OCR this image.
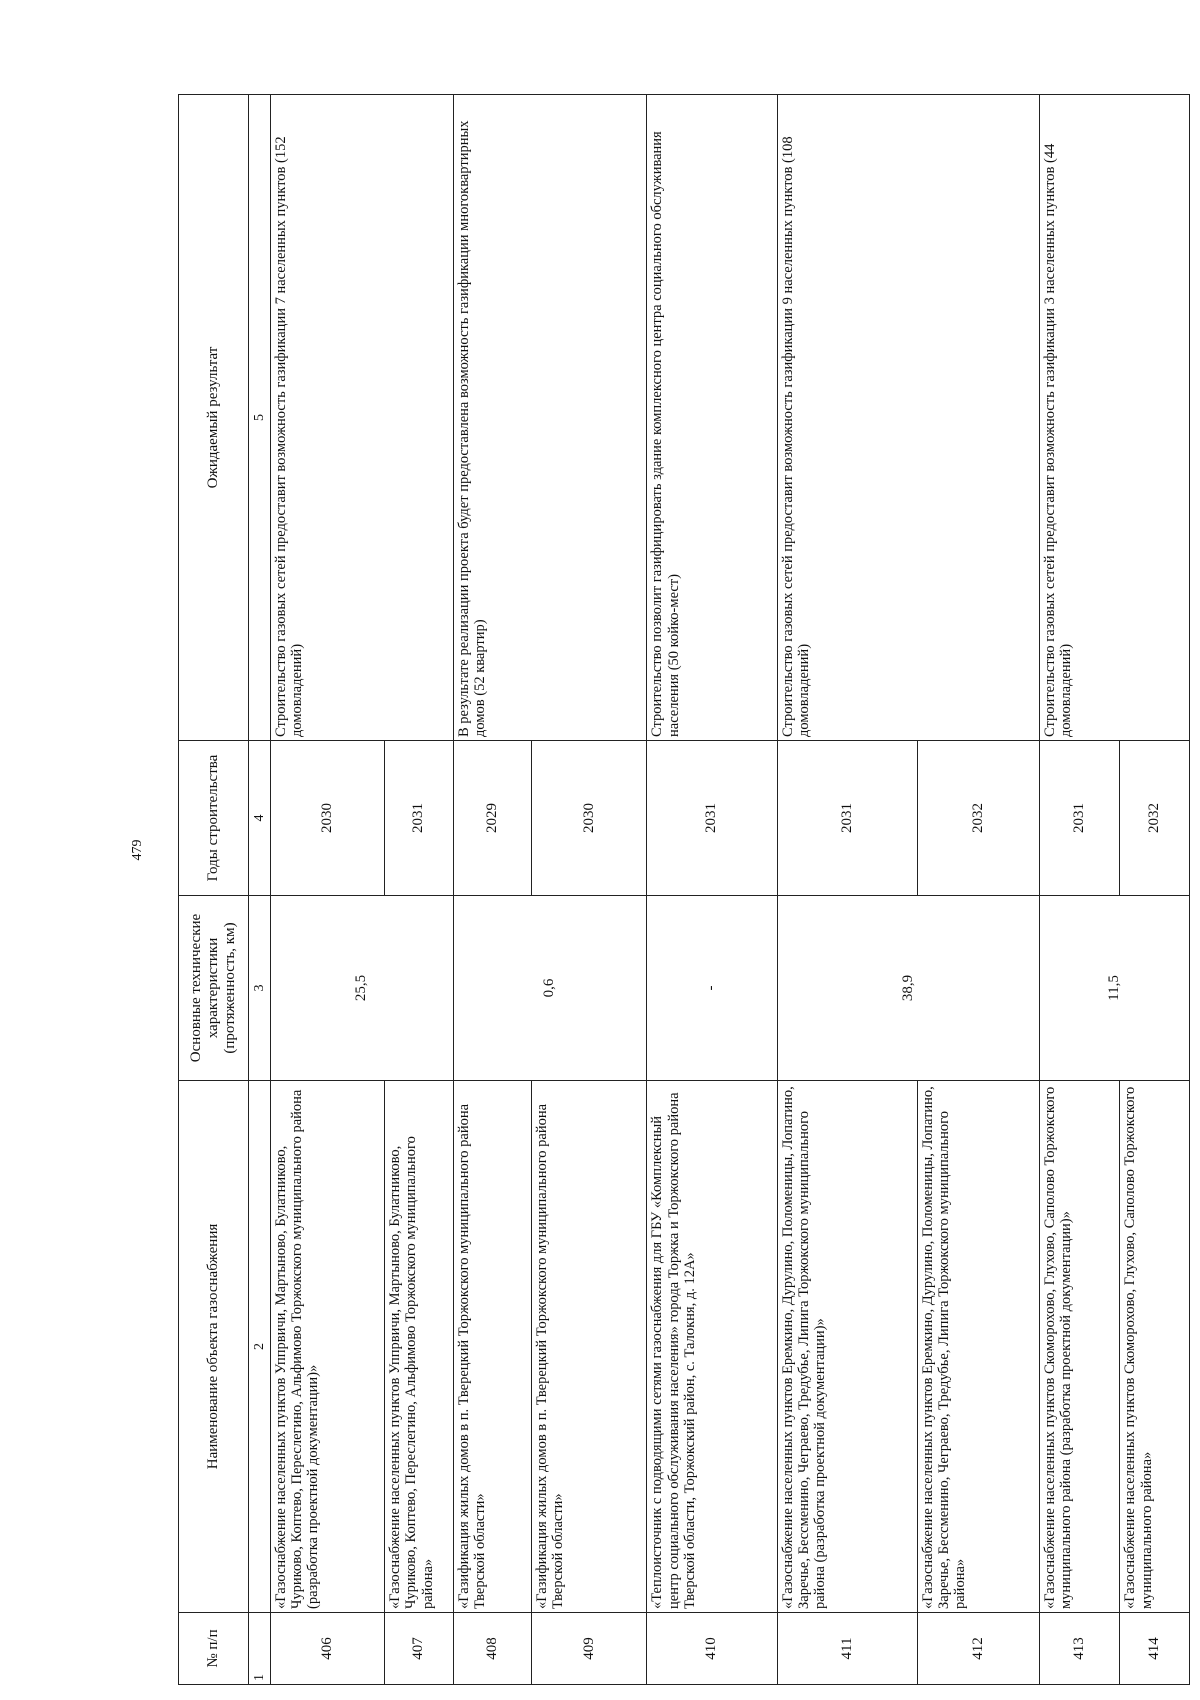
479
№ п/п	Наименование объекта газоснабжения	Основные технические характеристики (протяженность, км)	Годы строительства	Ожидаемый результат
1	2	3	4	5
406	«Газоснабжение населенных пунктов Уппрвичи, Мартыново, Булатниково, Чуриково, Коптево, Переслегино, Альфимово Торжокского муниципального района (разработка проектной документации)»	25,5	2030	Строительство газовых сетей предоставит возможность газификации 7 населенных пунктов (152 домовладений)
407	«Газоснабжение населенных пунктов Уппрвичи, Мартыново, Булатниково, Чуриково, Коптево, Переслегино, Альфимово Торжокского муниципального района»		2031	
408	«Газификация жилых домов в п. Тверецкий Торжокского муниципального района Тверской области»	0,6	2029	В результате реализации проекта будет предоставлена возможность газификации многоквартирных домов (52 квартир)
409	«Газификация жилых домов в п. Тверецкий Торжокского муниципального района Тверской области»		2030	
410	«Теплоисточник с подводящими сетями газоснабжения для ГБУ «Комплексный центр социального обслуживания населения» города Торжка и Торжокского района Тверской области, Торжокский район, с. Талокня, д. 12А»	-	2031	Строительство позволит газифицировать здание комплексного центра социального обслуживания населения (50 койко-мест)
411	«Газоснабжение населенных пунктов Еремкино, Дурулино, Поломеницы, Лопатино, Заречье, Бессменино, Чеграево, Тредубье, Липига Торжокского муниципального района (разработка проектной документации)»	38,9	2031	Строительство газовых сетей предоставит возможность газификации 9 населенных пунктов (108 домовладений)
412	«Газоснабжение населенных пунктов Еремкино, Дурулино, Поломеницы, Лопатино, Заречье, Бессменино, Чеграево, Тредубье, Липига Торжокского муниципального района»		2032	
413	«Газоснабжение населенных пунктов Скоморохово, Глухово, Саполово Торжокского муниципального района (разработка проектной документации)»	11,5	2031	Строительство газовых сетей предоставит возможность газификации 3 населенных пунктов (44 домовладений)
414	«Газоснабжение населенных пунктов Скоморохово, Глухово, Саполово Торжокского муниципального района»		2032	
